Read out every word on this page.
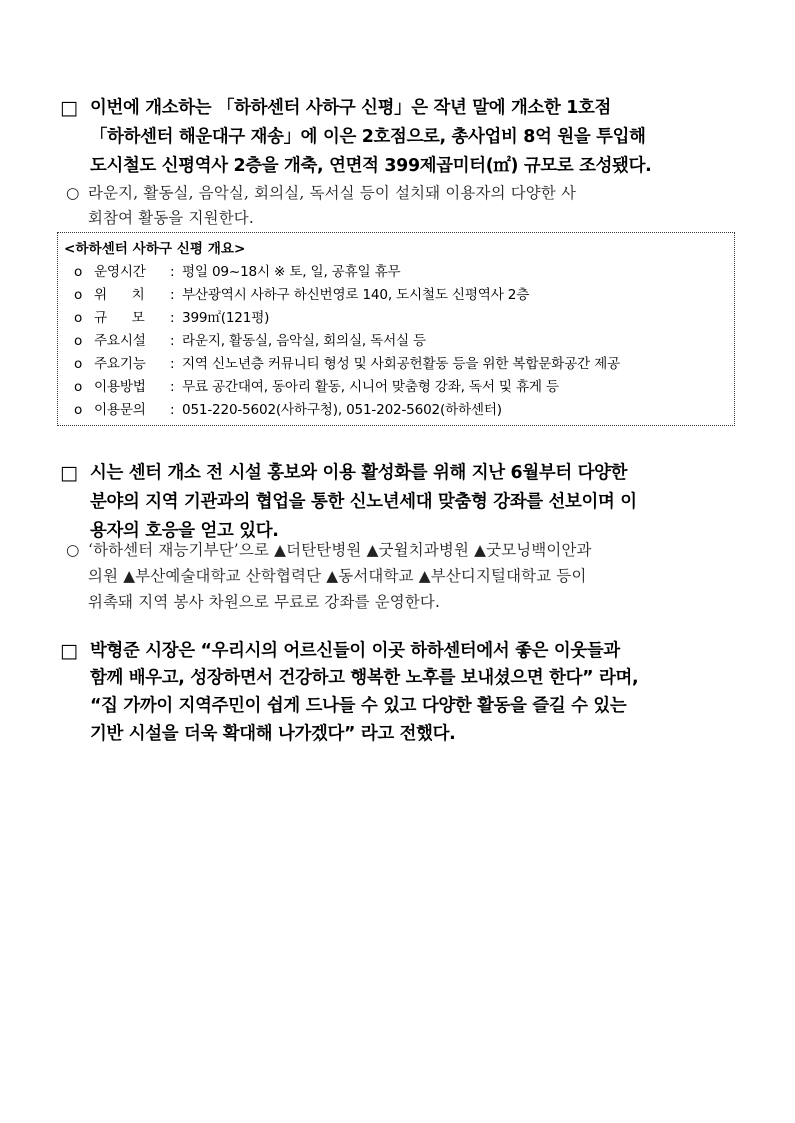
□ 이번에 개소하는 「하하센터 사하구 신평」은 작년 말에 개소한 1호점
「하하센터 해운대구 재송」에 이은 2호점으로, 총사업비 8억 원을 투입해
도시철도 신평역사 2층을 개축, 연면적 399제곱미터(㎡) 규모로 조성됐다.
○ 라운지, 활동실, 음악실, 회의실, 독서실 등이 설치돼 이용자의 다양한 사
회참여 활동을 지원한다.
<하하센터 사하구 신평 개요>
o 운영시간 : 평일 09~18시 ※ 토, 일, 공휴일 휴무
o 위      치 : 부산광역시 사하구 하신번영로 140, 도시철도 신평역사 2층
o 규      모 : 399㎡(121평)
o 주요시설 : 라운지, 활동실, 음악실, 회의실, 독서실 등
o 주요기능 : 지역 신노년층 커뮤니티 형성 및 사회공헌활동 등을 위한 복합문화공간 제공
o 이용방법 : 무료 공간대여, 동아리 활동, 시니어 맞춤형 강좌, 독서 및 휴게 등
o 이용문의 : 051-220-5602(사하구청), 051-202-5602(하하센터)
□ 시는 센터 개소 전 시설 홍보와 이용 활성화를 위해 지난 6월부터 다양한
분야의 지역 기관과의 협업을 통한 신노년세대 맞춤형 강좌를 선보이며 이
용자의 호응을 얻고 있다.
○ ‘하하센터 재능기부단’으로 ▲더탄탄병원 ▲굿윌치과병원 ▲굿모닝백이안과
의원 ▲부산예술대학교 산학협력단 ▲동서대학교 ▲부산디지털대학교 등이
위촉돼 지역 봉사 차원으로 무료로 강좌를 운영한다.
□ 박형준 시장은 “우리시의 어르신들이 이곳 하하센터에서 좋은 이웃들과
함께 배우고, 성장하면서 건강하고 행복한 노후를 보내셨으면 한다” 라며,
“집 가까이 지역주민이 쉽게 드나들 수 있고 다양한 활동을 즐길 수 있는
기반 시설을 더욱 확대해 나가겠다” 라고 전했다.
